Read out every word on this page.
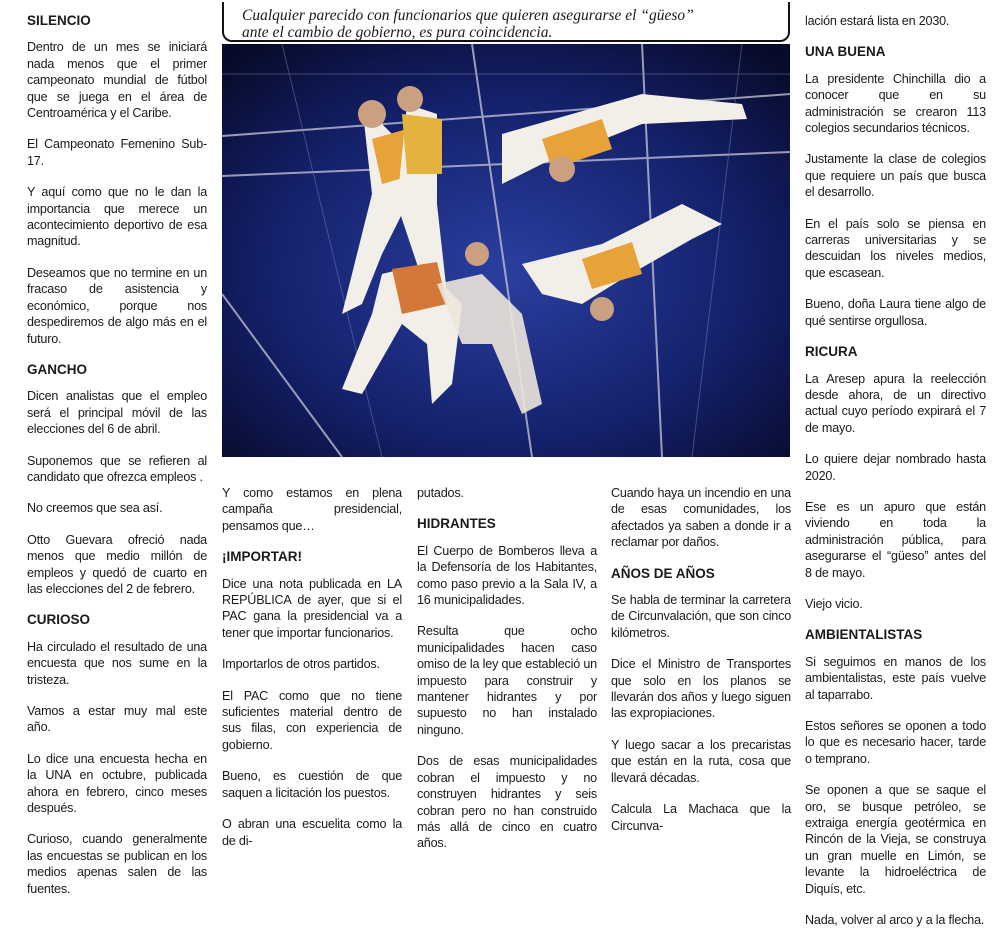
SILENCIO

Dentro de un mes se iniciará nada menos que el primer campeonato mundial de fútbol que se juega en el área de Centroamérica y el Caribe.

El Campeonato Femenino Sub-17.

Y aquí como que no le dan la importancia que merece un acontecimiento deportivo de esa magnitud.

Deseamos que no termine en un fracaso de asistencia y económico, porque nos despediremos de algo más en el futuro.

GANCHO

Dicen analistas que el empleo será el principal móvil de las elecciones del 6 de abril.

Suponemos que se refieren al candidato que ofrezca empleos .

No creemos que sea así.

Otto Guevara ofreció nada menos que medio millón de empleos y quedó de cuarto en las elecciones del 2 de febrero.

CURIOSO

Ha circulado el resultado de una encuesta que nos sume en la tristeza.

Vamos a estar muy mal este año.

Lo dice una encuesta hecha en la UNA en octubre, publicada ahora en febrero, cinco meses después.

Curioso, cuando generalmente las encuestas se publican en los medios apenas salen de las fuentes.

Cualquier parecido con funcionarios que quieren asegurarse el “güeso”
ante el cambio de gobierno, es pura coincidencia.

Y como estamos en plena campaña presidencial, pensamos que…

¡IMPORTAR!

Dice una nota publicada en LA REPÚBLICA de ayer, que si el PAC gana la presidencial va a tener que importar funcionarios.

Importarlos de otros partidos.

El PAC como que no tiene suficientes material dentro de sus filas, con experiencia de gobierno.

Bueno, es cuestión de que saquen a licitación los puestos.

O abran una escuelita como la de di-

putados.

HIDRANTES

El Cuerpo de Bomberos lleva a la Defensoría de los Habitantes, como paso previo a la Sala IV, a 16 municipalidades.

Resulta que ocho municipalidades hacen caso omiso de la ley que estableció un impuesto para construir y mantener hidrantes y por supuesto no han instalado ninguno.

Dos de esas municipalidades cobran el impuesto y no construyen hidrantes y seis cobran pero no han construido más allá de cinco en cuatro años.

Cuando haya un incendio en una de esas comunidades, los afectados ya saben a donde ir a reclamar por daños.

AÑOS DE AÑOS

Se habla de terminar la carretera de Circunvalación, que son cinco kilómetros.

Dice el Ministro de Transportes que solo en los planos se llevarán dos años y luego siguen las expropiaciones.

Y luego sacar a los precaristas que están en la ruta, cosa que llevará décadas.

Calcula La Machaca que la Circunva-

lación estará lista en 2030.

UNA BUENA

La presidente Chinchilla dio a conocer que en su administración se crearon 113 colegios secundarios técnicos.

Justamente la clase de colegios que requiere un país que busca el desarrollo.

En el país solo se piensa en carreras universitarias y se descuidan los niveles medios, que escasean.

Bueno, doña Laura tiene algo de qué sentirse orgullosa.

RICURA

La Aresep apura la reelección desde ahora, de un directivo actual cuyo período expirará el 7 de mayo.

Lo quiere dejar nombrado hasta 2020.

Ese es un apuro que están viviendo en toda la administración pública, para asegurarse el “güeso” antes del 8 de mayo.

Viejo vicio.

AMBIENTALISTAS

Si seguimos en manos de los ambientalistas, este país vuelve al taparrabo.

Estos señores se oponen a todo lo que es necesario hacer, tarde o temprano.

Se oponen a que se saque el oro, se busque petróleo, se extraiga energía geotérmica en Rincón de la Vieja, se construya un gran muelle en Limón, se levante la hidroeléctrica de Diquís, etc.

Nada, volver al arco y a la flecha.
